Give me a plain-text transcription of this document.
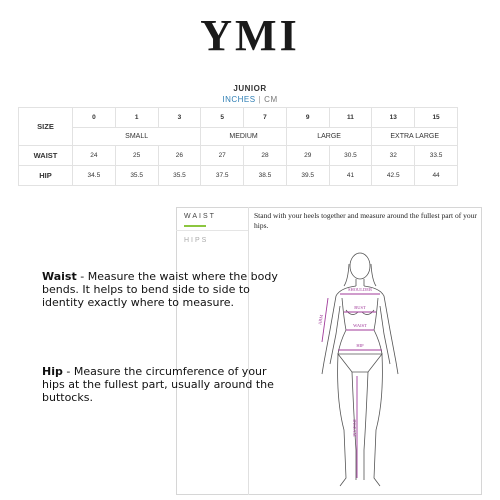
YMI
JUNIOR
INCHES | CM
SIZE	0	1	3	5	7	9	11	13	15
	SMALL			MEDIUM		LARGE		EXTRA LARGE	
WAIST	24	25	26	27	28	29	30.5	32	33.5
HIP	34.5	35.5	35.5	37.5	38.5	39.5	41	42.5	44
WAIST
HIPS
Stand with your heels together and measure around the fullest part of your hips.
SHOULDER
BUST
WAIST
HIP
ARM
INSEAM
Waist - Measure the waist where the body bends. It helps to bend side to side to identity exactly where to measure.
Hip - Measure the circumference of your hips at the fullest part, usually around the buttocks.
